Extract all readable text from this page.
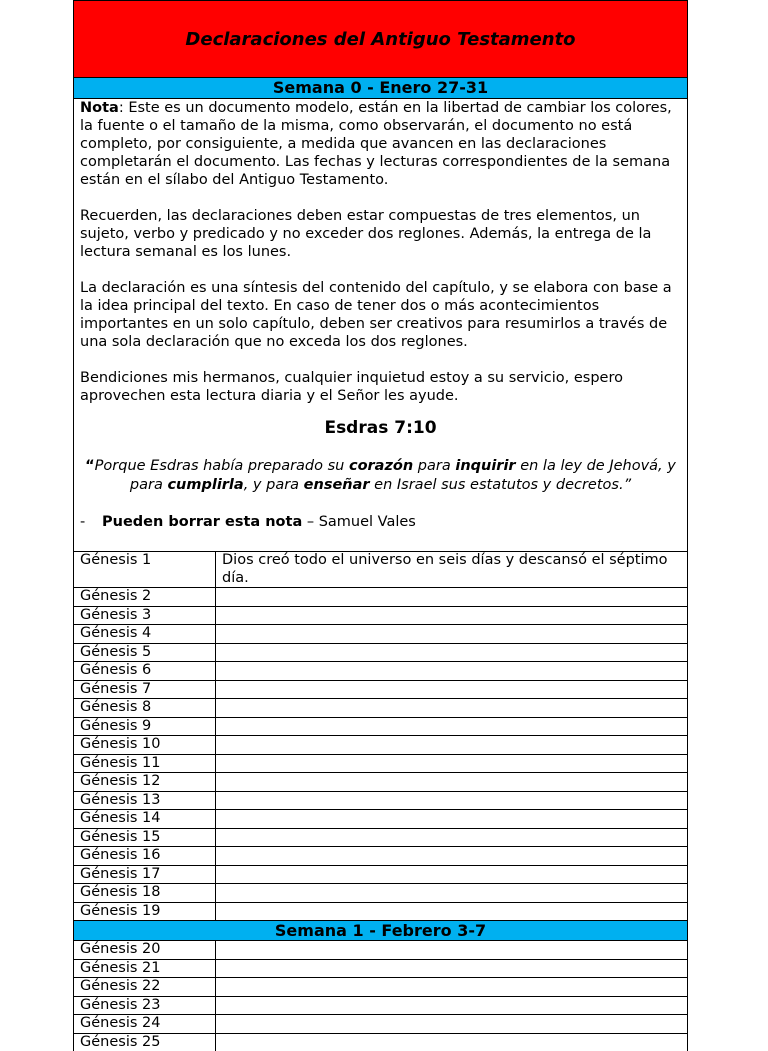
Declaraciones del Antiguo Testamento
Semana 0 - Enero 27-31

Nota: Este es un documento modelo, están en la libertad de cambiar los colores, la fuente o el tamaño de la misma, como observarán, el documento no está completo, por consiguiente, a medida que avancen en las declaraciones completarán el documento. Las fechas y lecturas correspondientes de la semana están en el sílabo del Antiguo Testamento.

Recuerden, las declaraciones deben estar compuestas de tres elementos, un sujeto, verbo y predicado y no exceder dos reglones. Además, la entrega de la lectura semanal es los lunes.

La declaración es una síntesis del contenido del capítulo, y se elabora con base a la idea principal del texto. En caso de tener dos o más acontecimientos importantes en un solo capítulo, deben ser creativos para resumirlos a través de una sola declaración que no exceda los dos reglones.

Bendiciones mis hermanos, cualquier inquietud estoy a su servicio, espero aprovechen esta lectura diaria y el Señor les ayude.

Esdras 7:10

“Porque Esdras había preparado su corazón para inquirir en la ley de Jehová, y para cumplirla, y para enseñar en Israel sus estatutos y decretos.”

- Pueden borrar esta nota – Samuel Vales

Génesis 1	Dios creó todo el universo en seis días y descansó el séptimo día.
Génesis 2	
Génesis 3	
Génesis 4	
Génesis 5	
Génesis 6	
Génesis 7	
Génesis 8	
Génesis 9	
Génesis 10	
Génesis 11	
Génesis 12	
Génesis 13	
Génesis 14	
Génesis 15	
Génesis 16	
Génesis 17	
Génesis 18	
Génesis 19	
Semana 1 - Febrero 3-7
Génesis 20	
Génesis 21	
Génesis 22	
Génesis 23	
Génesis 24	
Génesis 25	
